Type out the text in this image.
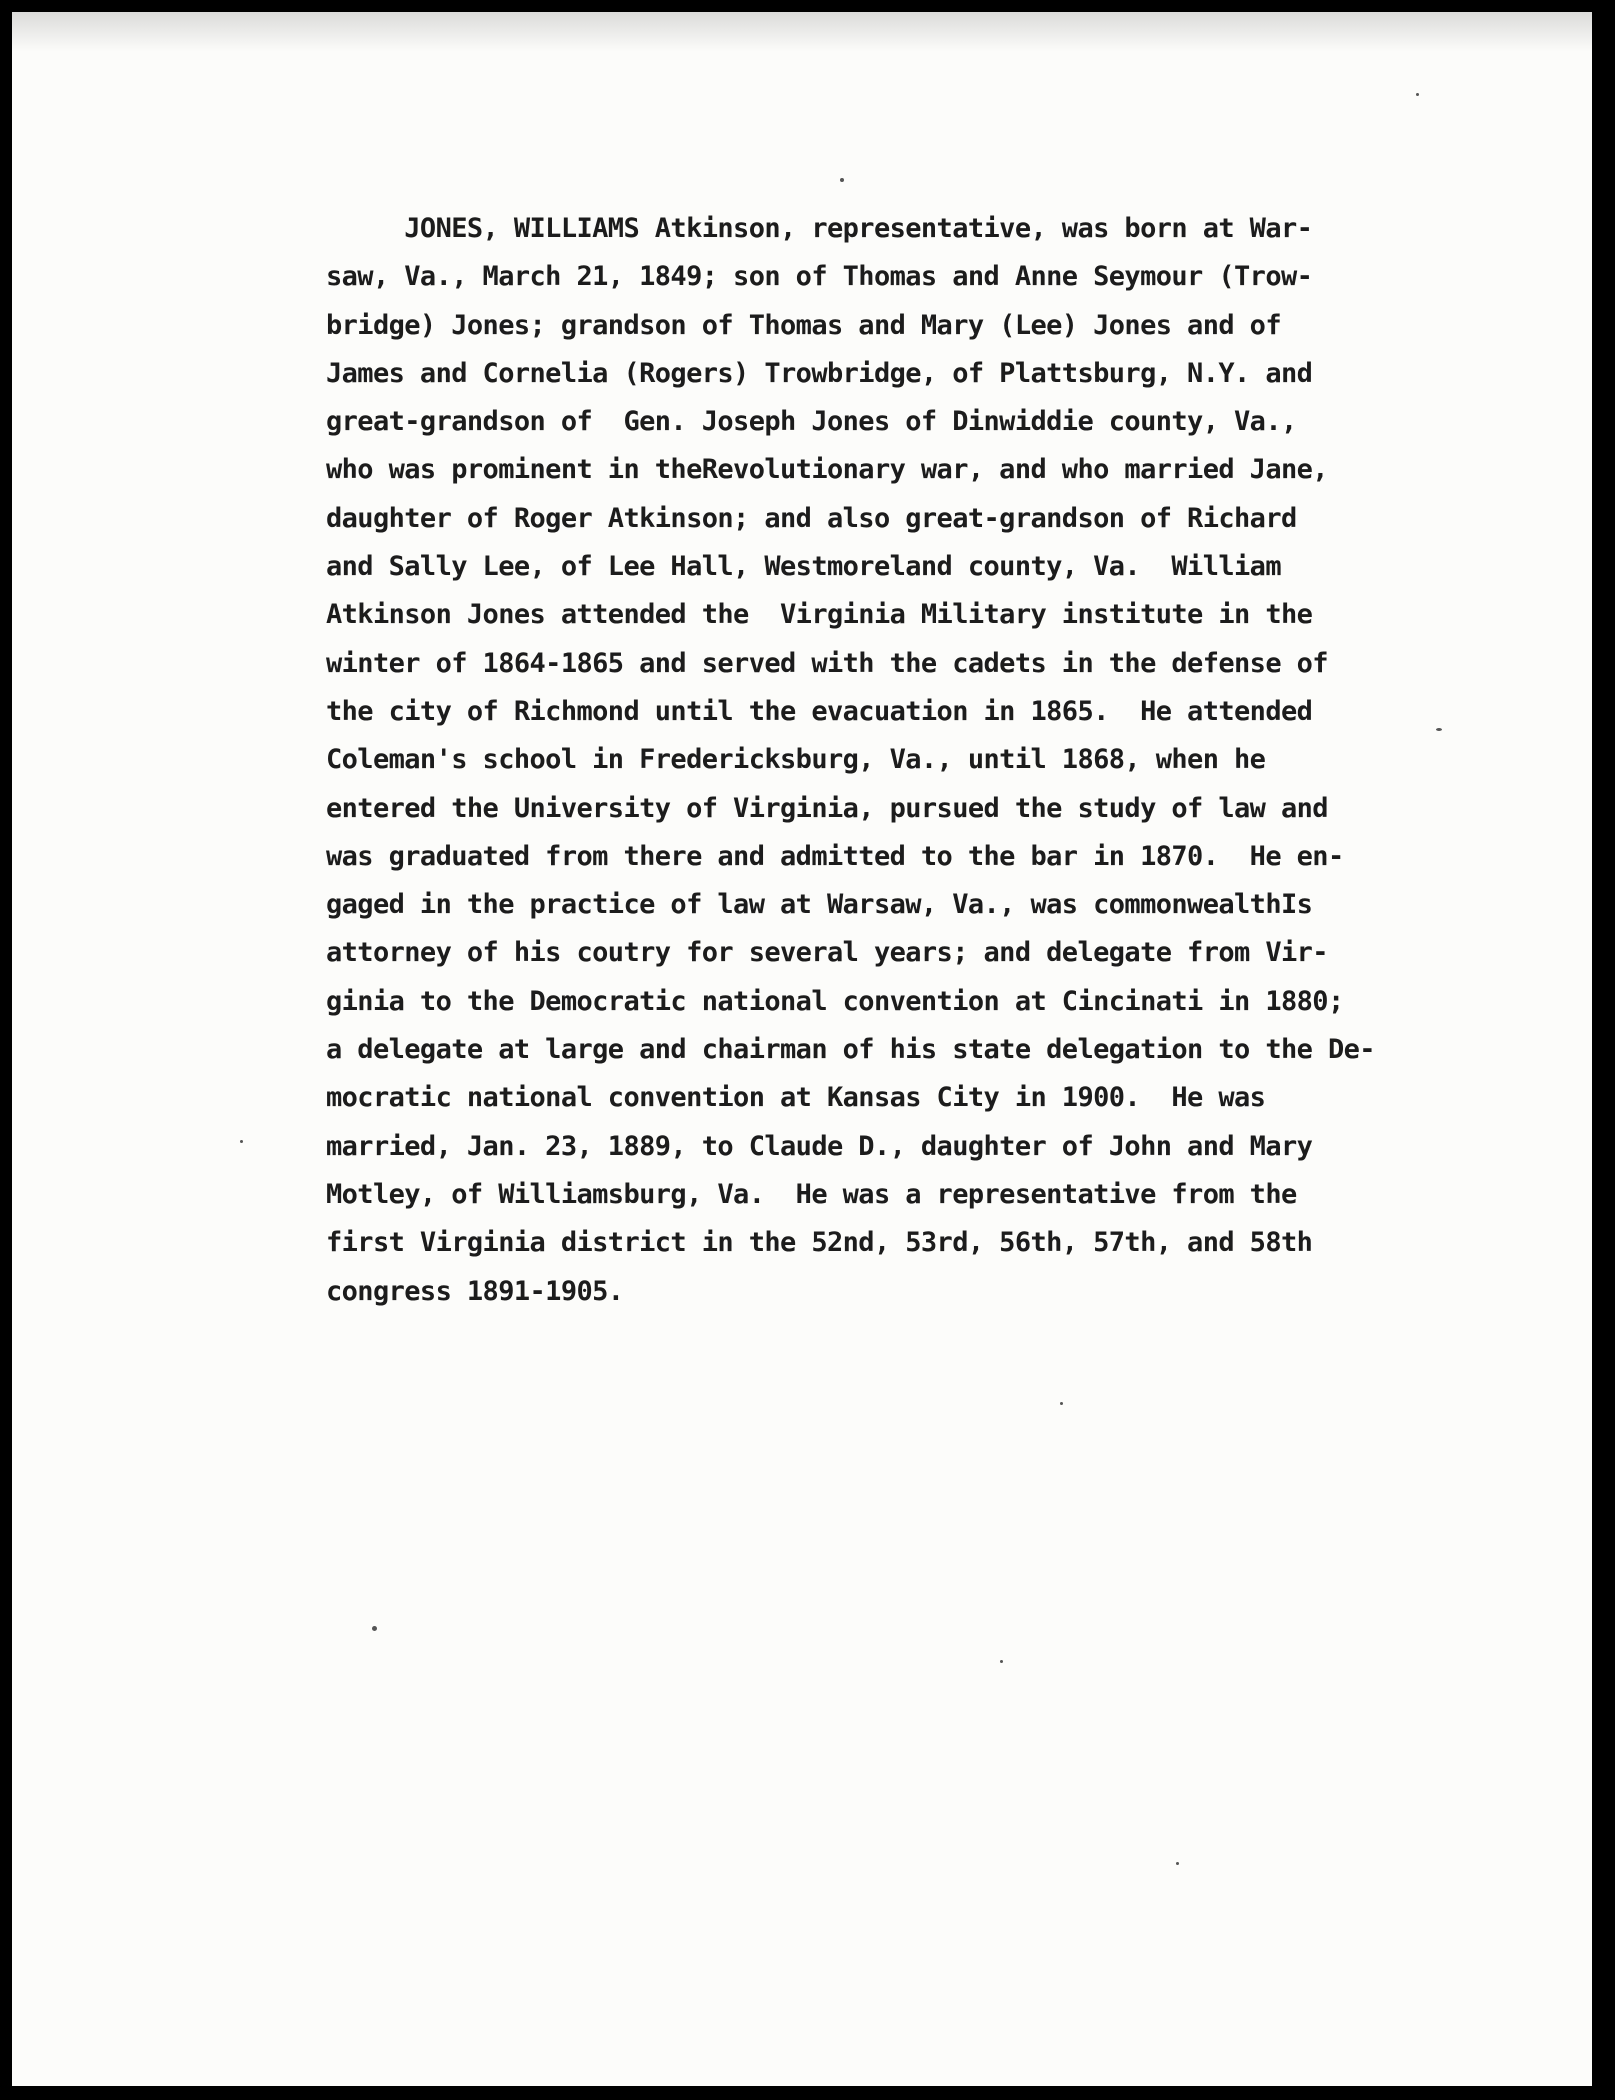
JONES, WILLIAMS Atkinson, representative, was born at War-
saw, Va., March 21, 1849; son of Thomas and Anne Seymour (Trow-
bridge) Jones; grandson of Thomas and Mary (Lee) Jones and of
James and Cornelia (Rogers) Trowbridge, of Plattsburg, N.Y. and
great-grandson of  Gen. Joseph Jones of Dinwiddie county, Va.,
who was prominent in theRevolutionary war, and who married Jane,
daughter of Roger Atkinson; and also great-grandson of Richard
and Sally Lee, of Lee Hall, Westmoreland county, Va.  William
Atkinson Jones attended the  Virginia Military institute in the
winter of 1864-1865 and served with the cadets in the defense of
the city of Richmond until the evacuation in 1865.  He attended
Coleman's school in Fredericksburg, Va., until 1868, when he
entered the University of Virginia, pursued the study of law and
was graduated from there and admitted to the bar in 1870.  He en-
gaged in the practice of law at Warsaw, Va., was commonwealthIs
attorney of his coutry for several years; and delegate from Vir-
ginia to the Democratic national convention at Cincinati in 1880;
a delegate at large and chairman of his state delegation to the De-
mocratic national convention at Kansas City in 1900.  He was
married, Jan. 23, 1889, to Claude D., daughter of John and Mary
Motley, of Williamsburg, Va.  He was a representative from the
first Virginia district in the 52nd, 53rd, 56th, 57th, and 58th
congress 1891-1905.
